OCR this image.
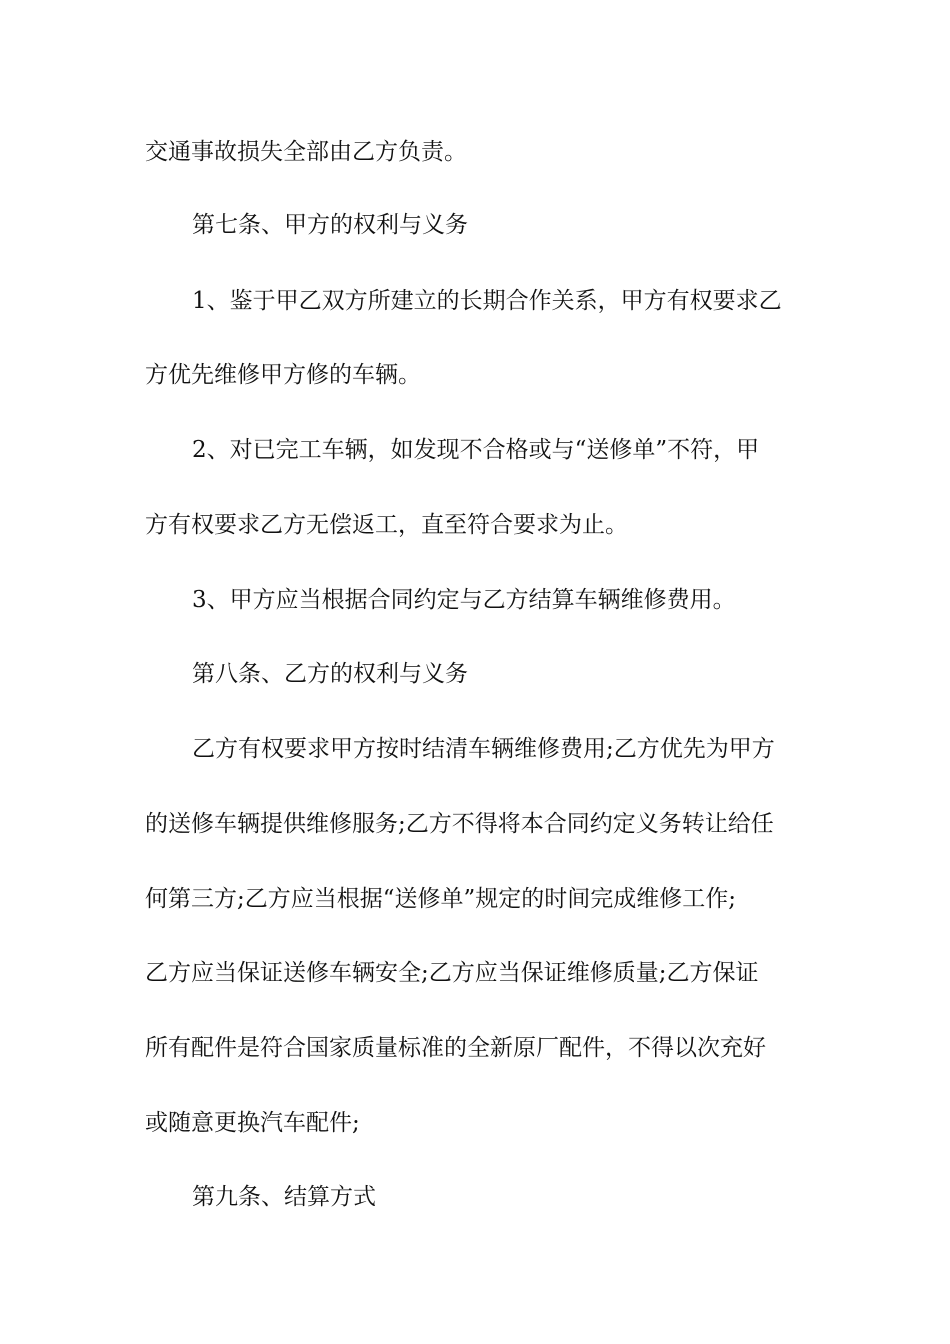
交通事故损失全部由乙方负责。
第七条、甲方的权利与义务
1、鉴于甲乙双方所建立的长期合作关系，甲方有权要求乙
方优先维修甲方修的车辆。
2、对已完工车辆，如发现不合格或与“送修单”不符，甲
方有权要求乙方无偿返工，直至符合要求为止。
3、甲方应当根据合同约定与乙方结算车辆维修费用。
第八条、乙方的权利与义务
乙方有权要求甲方按时结清车辆维修费用;乙方优先为甲方
的送修车辆提供维修服务;乙方不得将本合同约定义务转让给任
何第三方;乙方应当根据“送修单”规定的时间完成维修工作;
乙方应当保证送修车辆安全;乙方应当保证维修质量;乙方保证
所有配件是符合国家质量标准的全新原厂配件，不得以次充好
或随意更换汽车配件;
第九条、结算方式
